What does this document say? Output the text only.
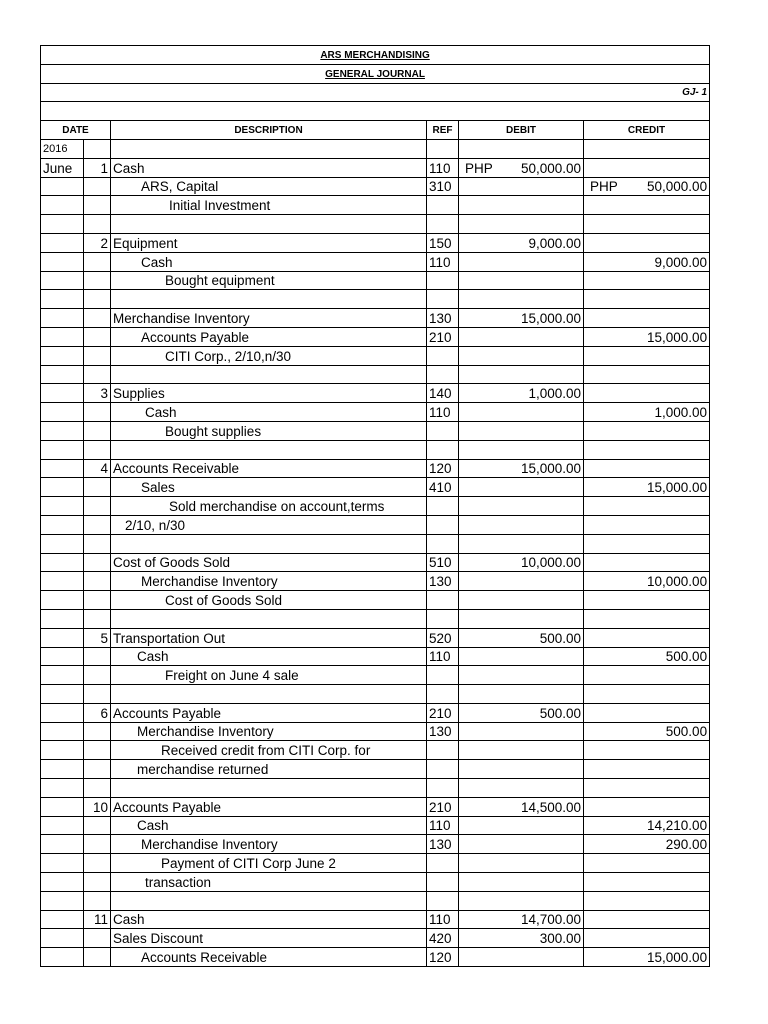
ARS MERCHANDISING					
GENERAL JOURNAL					
GJ- 1					

DATE		DESCRIPTION	REF	DEBIT	CREDIT
2016					
June	1	Cash	110	PHP 50,000.00	

		ARS, Capital	310		PHP 50,000.00

		Initial Investment		

	2	Equipment	150	9,000.00	

		Cash	110		9,000.00

		Bought equipment		

		Merchandise Inventory	130	15,000.00	

		Accounts Payable	210		15,000.00

		CITI Corp., 2/10,n/30		

	3	Supplies	140	1,000.00	

		Cash	110		1,000.00

		Bought supplies		

	4	Accounts Receivable	120	15,000.00	

		Sales	410		15,000.00

		Sold merchandise on account,terms		

		2/10, n/30		

		Cost of Goods Sold	510	10,000.00	

		Merchandise Inventory	130		10,000.00

		Cost of Goods Sold		

	5	Transportation Out	520	500.00	

		Cash	110		500.00

		Freight on June 4 sale		

	6	Accounts Payable	210	500.00	

		Merchandise Inventory	130		500.00

		Received credit from CITI Corp. for		

		merchandise returned		

	10	Accounts Payable	210	14,500.00	

		Cash	110		14,210.00

		Merchandise Inventory	130		290.00

		Payment of CITI Corp June 2		

		transaction		

	11	Cash	110	14,700.00	

		Sales Discount	420	300.00	

		Accounts Receivable	120		15,000.00
